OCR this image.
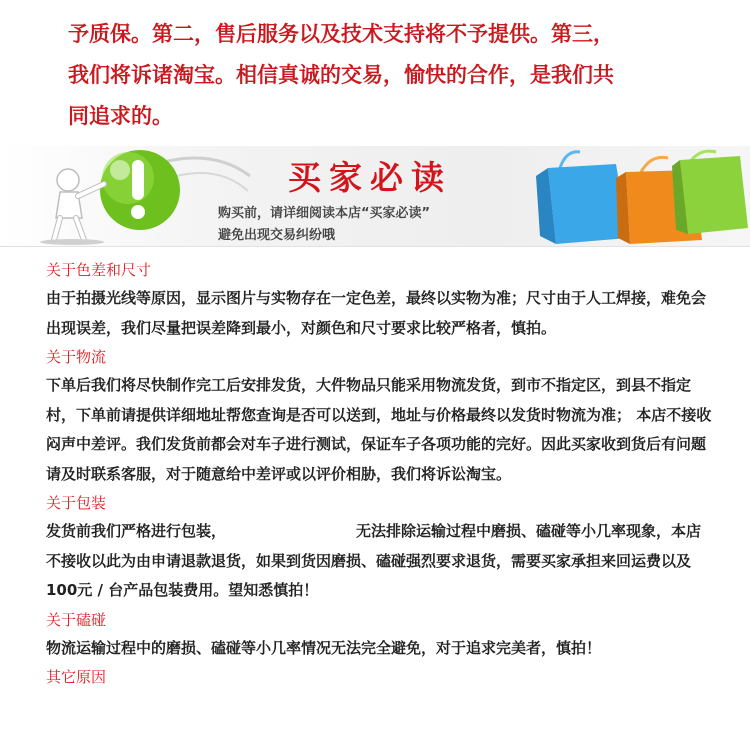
予质保。第二，售后服务以及技术支持将不予提供。第三，
我们将诉诸淘宝。相信真诚的交易，愉快的合作，是我们共
同追求的。
买家必读
购买前，请详细阅读本店“买家必读”
避免出现交易纠纷哦

关于色差和尺寸

由于拍摄光线等原因，显示图片与实物存在一定色差，最终以实物为准；尺寸由于人工焊接，难免会出现误差，我们尽量把误差降到最小，对颜色和尺寸要求比较严格者，慎拍。

关于物流

下单后我们将尽快制作完工后安排发货，大件物品只能采用物流发货，到市不指定区，到县不指定村，下单前请提供详细地址帮您查询是否可以送到，地址与价格最终以发货时物流为准； 本店不接收闷声中差评。我们发货前都会对车子进行测试，保证车子各项功能的完好。因此买家收到货后有问题请及时联系客服，对于随意给中差评或以评价相胁，我们将诉讼淘宝。

关于包装

发货前我们严格进行包装，	无法排除运输过程中磨损、磕碰等小几率现象，本店不接收以此为由申请退款退货，如果到货因磨损、磕碰强烈要求退货，需要买家承担来回运费以及100元 / 台产品包装费用。望知悉慎拍！

关于磕碰

物流运输过程中的磨损、磕碰等小几率情况无法完全避免，对于追求完美者，慎拍！

其它原因
